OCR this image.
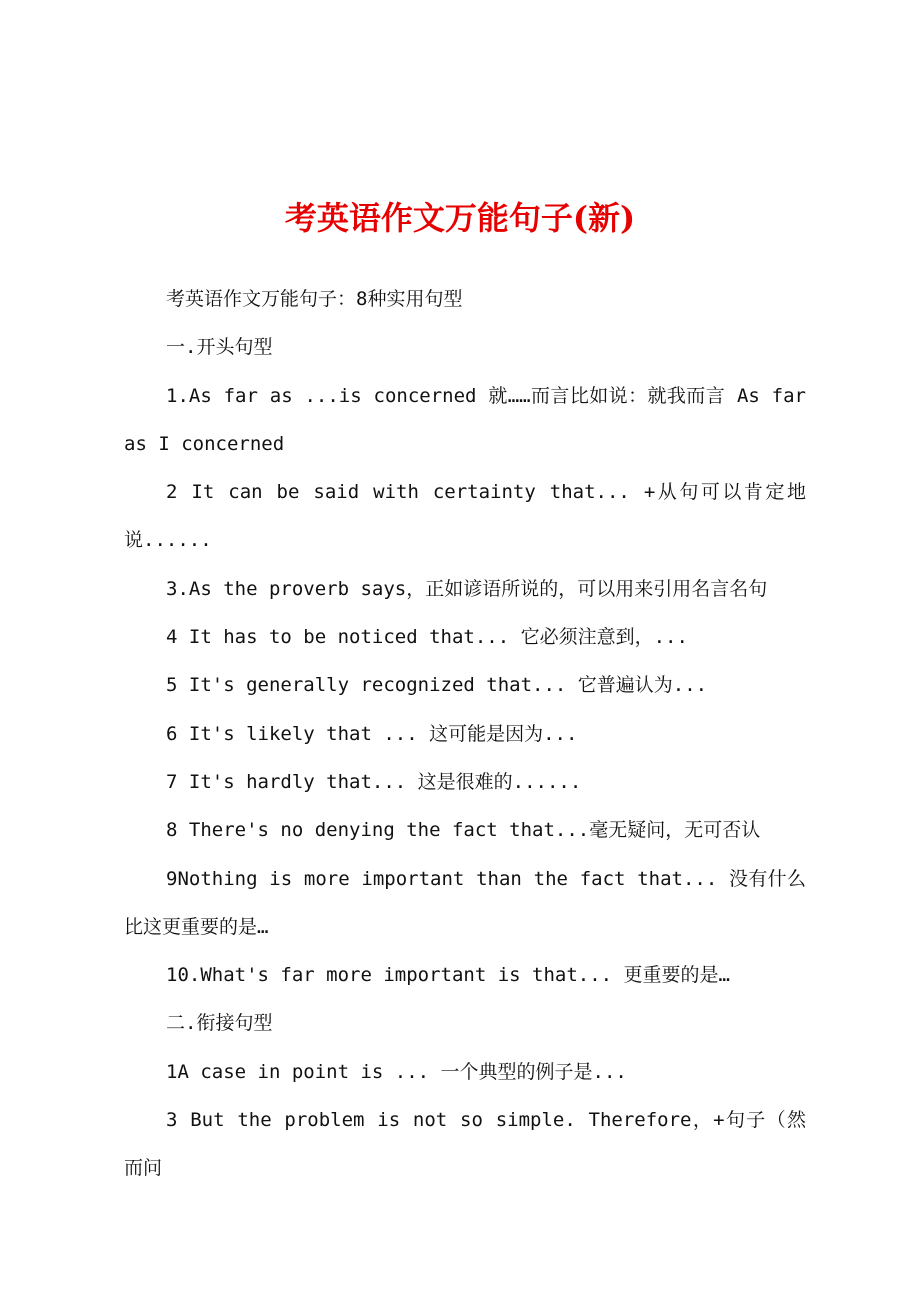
考英语作文万能句子(新)

考英语作文万能句子：8种实用句型

一.开头句型

1.As far as ...is concerned 就……而言比如说：就我而言 As far as I concerned

2 It can be said with certainty that... +从句可以肯定地说......

3.As the proverb says，正如谚语所说的，可以用来引用名言名句

4 It has to be noticed that... 它必须注意到，...

5 It's generally recognized that... 它普遍认为...

6 It's likely that ... 这可能是因为...

7 It's hardly that... 这是很难的......

8 There's no denying the fact that...毫无疑问，无可否认

9Nothing is more important than the fact that... 没有什么比这更重要的是…

10.What's far more important is that... 更重要的是…

二.衔接句型

1A case in point is ... 一个典型的例子是...

3 But the problem is not so simple. Therefore，+句子（然而问
